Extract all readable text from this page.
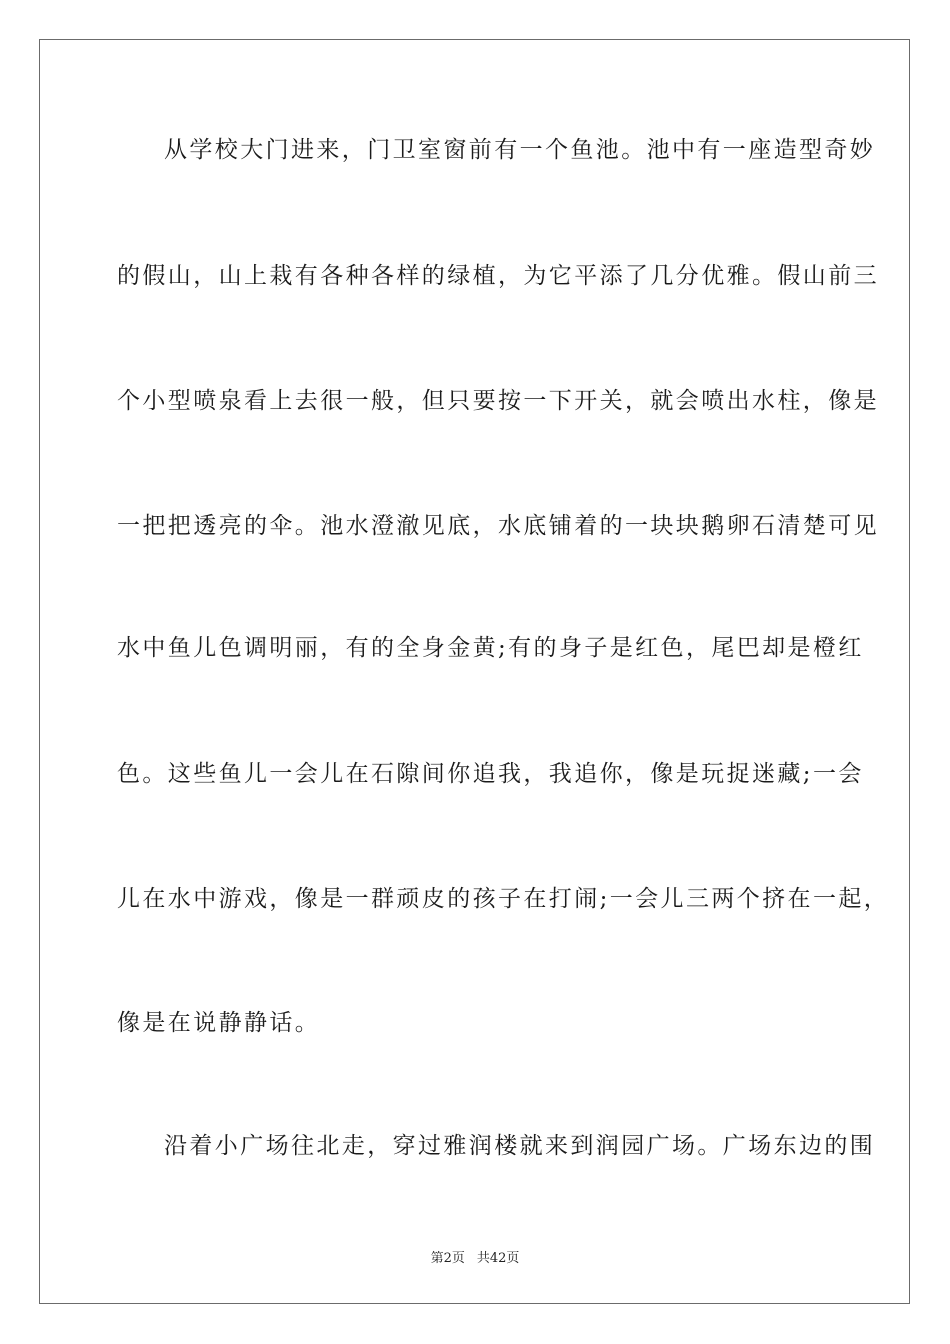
从学校大门进来，门卫室窗前有一个鱼池。池中有一座造型奇妙
的假山，山上栽有各种各样的绿植，为它平添了几分优雅。假山前三
个小型喷泉看上去很一般，但只要按一下开关，就会喷出水柱，像是
一把把透亮的伞。池水澄澈见底，水底铺着的一块块鹅卵石清楚可见
水中鱼儿色调明丽，有的全身金黄;有的身子是红色，尾巴却是橙红
色。这些鱼儿一会儿在石隙间你追我，我追你，像是玩捉迷藏;一会
儿在水中游戏，像是一群顽皮的孩子在打闹;一会儿三两个挤在一起，
像是在说静静话。
沿着小广场往北走，穿过雅润楼就来到润园广场。广场东边的围
第2页 共42页
